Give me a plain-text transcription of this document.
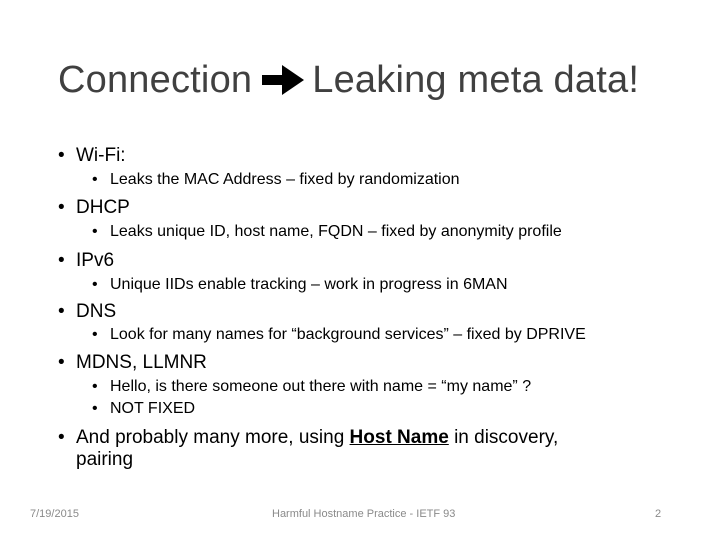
Connection Leaking meta data!
• Wi-Fi:
• Leaks the MAC Address – fixed by randomization
• DHCP
• Leaks unique ID, host name, FQDN – fixed by anonymity profile
• IPv6
• Unique IIDs enable tracking – work in progress in 6MAN
• DNS
• Look for many names for “background services” – fixed by DPRIVE
• MDNS, LLMNR
• Hello, is there someone out there with name = “my name” ?
• NOT FIXED
• And probably many more, using Host Name in discovery,
pairing
7/19/2015	Harmful Hostname Practice - IETF 93	2
